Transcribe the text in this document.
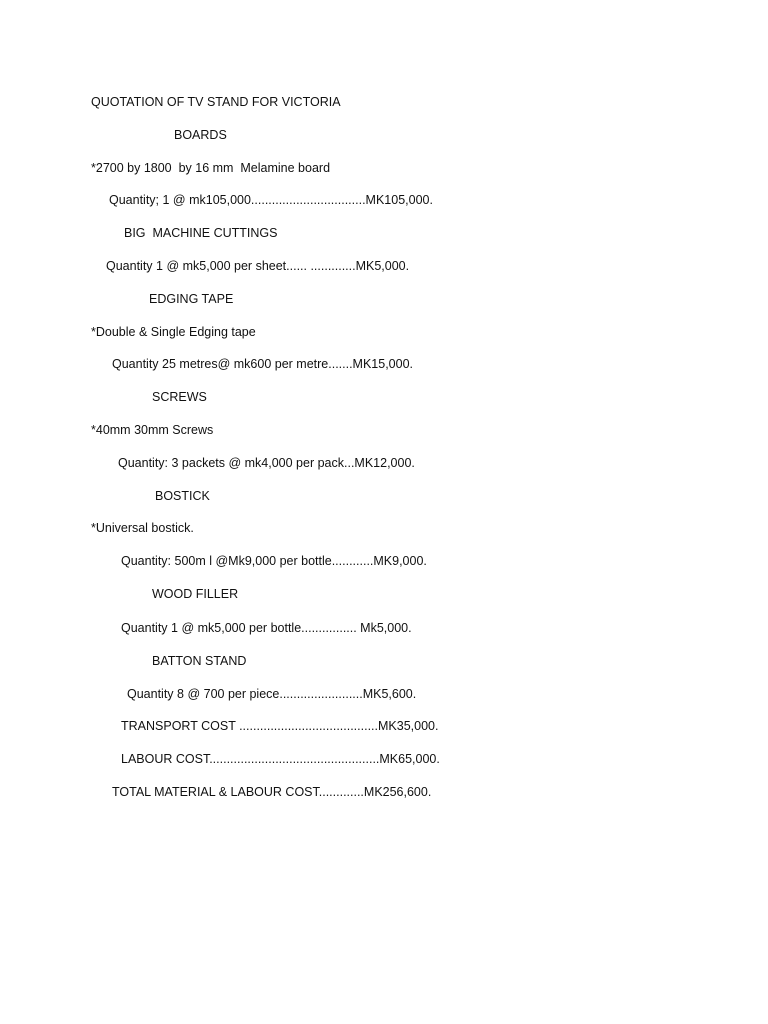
QUOTATION OF TV STAND FOR VICTORIA
BOARDS
*2700 by 1800  by 16 mm  Melamine board
Quantity; 1 @ mk105,000.................................MK105,000.
BIG  MACHINE CUTTINGS
Quantity 1 @ mk5,000 per sheet...... .............MK5,000.
EDGING TAPE
*Double & Single Edging tape
Quantity 25 metres@ mk600 per metre.......MK15,000.
SCREWS
*40mm 30mm Screws
Quantity: 3 packets @ mk4,000 per pack...MK12,000.
BOSTICK
*Universal bostick.
Quantity: 500m l @Mk9,000 per bottle............MK9,000.
WOOD FILLER
Quantity 1 @ mk5,000 per bottle................ Mk5,000.
BATTON STAND
Quantity 8 @ 700 per piece........................MK5,600.
TRANSPORT COST ........................................MK35,000.
LABOUR COST.................................................MK65,000.
TOTAL MATERIAL & LABOUR COST.............MK256,600.
